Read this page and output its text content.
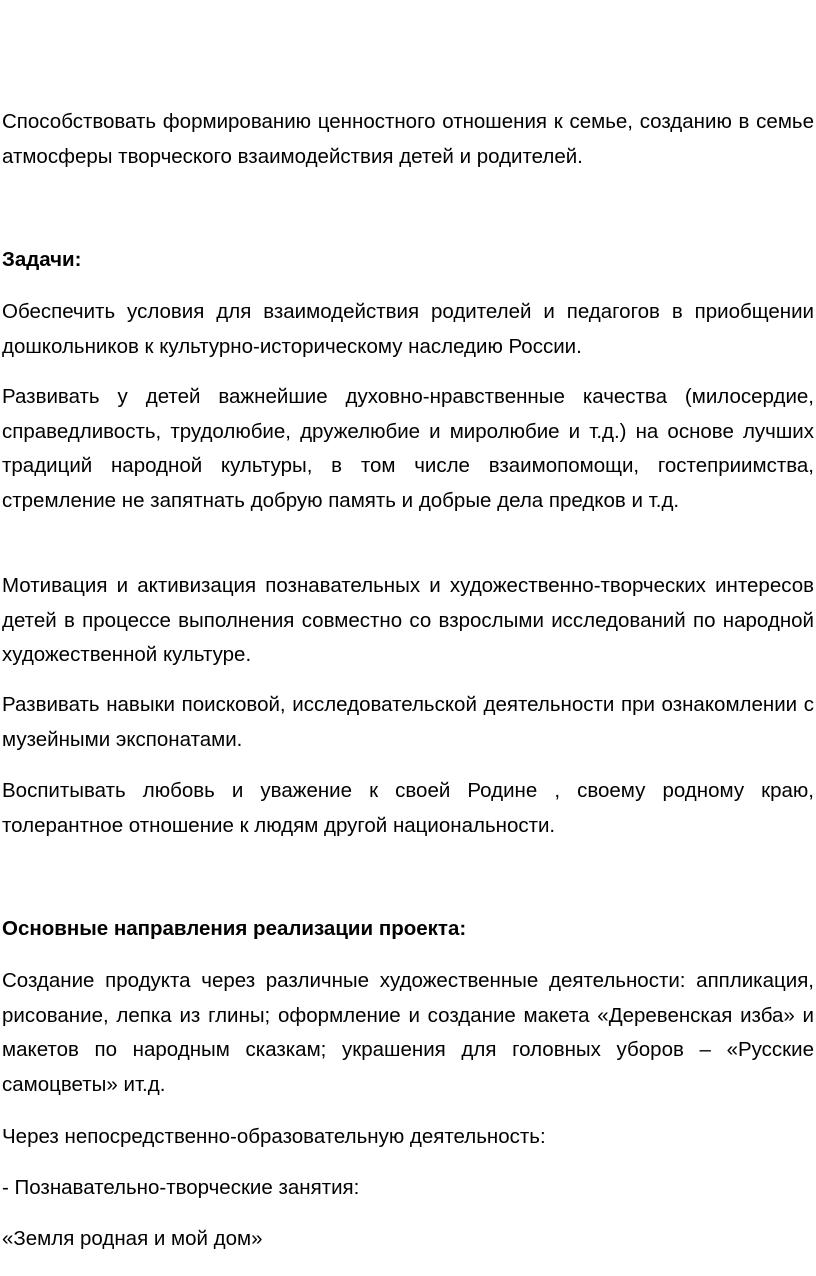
Способствовать формированию ценностного отношения к семье, созданию в семье атмосферы творческого взаимодействия детей и родителей.

Задачи:

Обеспечить условия для взаимодействия родителей и педагогов в приобщении дошкольников к культурно-историческому наследию России.

Развивать у детей важнейшие духовно-нравственные качества (милосердие, справедливость, трудолюбие, дружелюбие и миролюбие и т.д.) на основе лучших традиций народной культуры, в том числе взаимопомощи, гостеприимства, стремление не запятнать добрую память и добрые дела предков и т.д.

Мотивация и активизация познавательных и художественно-творческих интересов детей в процессе выполнения совместно со взрослыми исследований по народной художественной культуре.

Развивать навыки поисковой, исследовательской деятельности при ознакомлении с музейными экспонатами.

Воспитывать любовь и уважение к своей Родине , своему родному краю, толерантное отношение к людям другой национальности.

Основные направления реализации проекта:

Создание продукта через различные художественные деятельности: аппликация, рисование, лепка из глины; оформление и создание макета «Деревенская изба» и макетов по народным сказкам; украшения для головных уборов – «Русские самоцветы» ит.д.

Через непосредственно-образовательную деятельность:

- Познавательно-творческие занятия:

«Земля родная и мой дом»
